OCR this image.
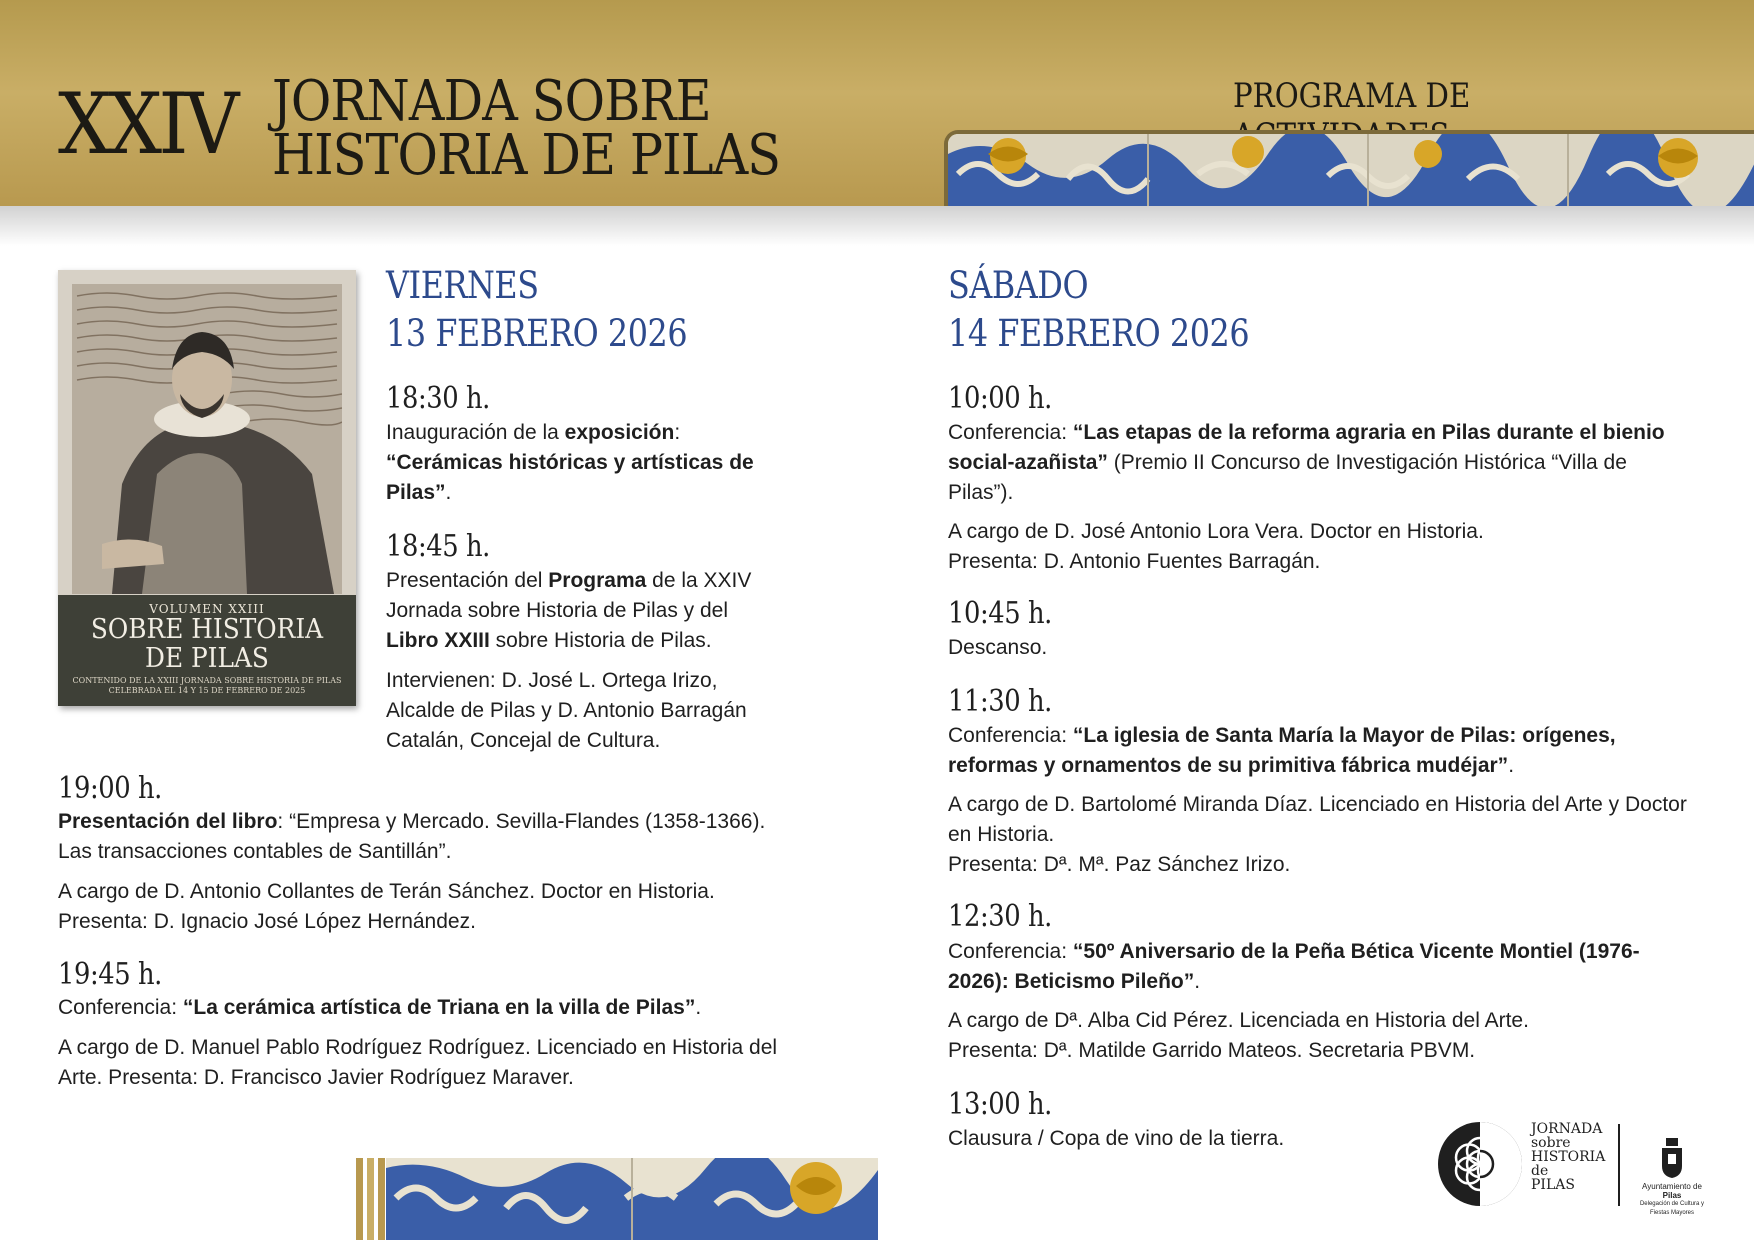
XXIV JORNADA SOBRE
HISTORIA DE PILAS
PROGRAMA DE
VOLUMEN XXIII
SOBRE HISTORIA
DE PILAS
CONTENIDO DE LA XXIII JORNADA SOBRE HISTORIA DE PILAS
CELEBRADA EL 14 Y 15 DE FEBRERO DE 2025
VIERNES
13 FEBRERO 2026
18:30 h.
Inauguración de la exposición:
“Cerámicas históricas y artísticas de Pilas”.
18:45 h.
Presentación del Programa de la XXIV Jornada sobre Historia de Pilas y del Libro XXIII sobre Historia de Pilas.
Intervienen: D. José L. Ortega Irizo, Alcalde de Pilas y D. Antonio Barragán Catalán, Concejal de Cultura.
19:00 h.
Presentación del libro: “Empresa y Mercado. Sevilla-Flandes (1358-1366). Las transacciones contables de Santillán”.
A cargo de D. Antonio Collantes de Terán Sánchez. Doctor en Historia.
Presenta: D. Ignacio José López Hernández.
19:45 h.
Conferencia: “La cerámica artística de Triana en la villa de Pilas”.
A cargo de D. Manuel Pablo Rodríguez Rodríguez. Licenciado en Historia del Arte. Presenta: D. Francisco Javier Rodríguez Maraver.
SÁBADO
14 FEBRERO 2026
10:00 h.
Conferencia: “Las etapas de la reforma agraria en Pilas durante el bienio social-azañista” (Premio II Concurso de Investigación Histórica “Villa de Pilas”).
A cargo de D. José Antonio Lora Vera. Doctor en Historia.
Presenta: D. Antonio Fuentes Barragán.
10:45 h.
Descanso.
11:30 h.
Conferencia: “La iglesia de Santa María la Mayor de Pilas: orígenes, reformas y ornamentos de su primitiva fábrica mudéjar”.
A cargo de D. Bartolomé Miranda Díaz. Licenciado en Historia del Arte y Doctor en Historia.
Presenta: Dª. Mª. Paz Sánchez Irizo.
12:30 h.
Conferencia: “50º Aniversario de la Peña Bética Vicente Montiel (1976-2026): Beticismo Pileño”.
A cargo de Dª. Alba Cid Pérez. Licenciada en Historia del Arte.
Presenta: Dª. Matilde Garrido Mateos. Secretaria PBVM.
13:00 h.
Clausura / Copa de vino de la tierra.	JORNADA
sobre
HISTORIA
de
PILAS	Ayuntamiento de Pilas
Delegación de Cultura y Fiestas Mayores
